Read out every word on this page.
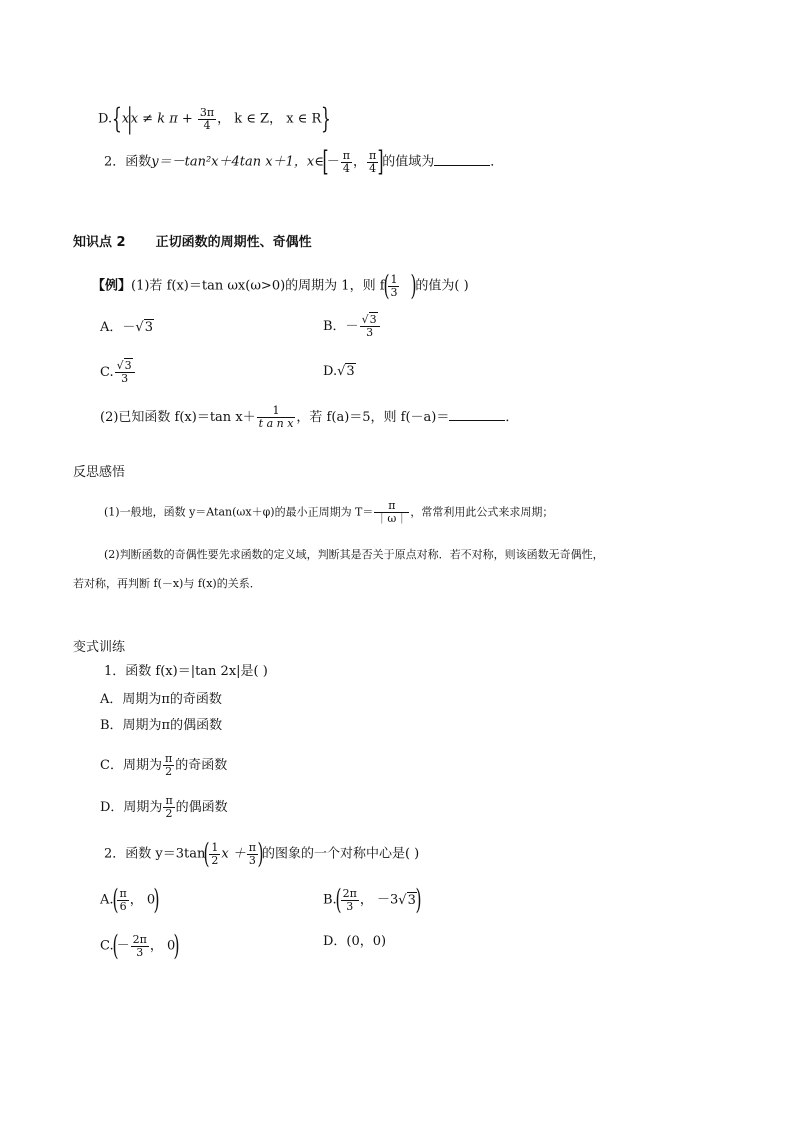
D.{x|x ≠ k $\pi + \frac{3\pi}{4}$ ， k ∈ Z， x ∈ R}
2．函数y＝－tan²x＋4tan x＋1，x∈[－ $\frac{\pi}{4}$ ， $\frac{\pi}{4}$ ]的值域为	．
知识点 2 正切函数的周期性、奇偶性
【例】(1)若 f(x)＝tan ωx(ω>0)的周期为 1，则 $f( \frac{1}{3}$ )的值为( )
A．－√3	B．－ $\frac{√3}{3}$
C. $\frac{√3}{3}$	D.√3
(2)已知函数 f(x)＝tan $x+ \frac{1}{\text{t a n x}}$ ，若 f(a)＝5，则 f(－a)＝	．
反思感悟
(1)一般地，函数 y＝Atan(ωx＋φ)的最小正周期为 $T= \frac{\pi}{|\omega|}$ ，常常利用此公式来求周期；
(2)判断函数的奇偶性要先求函数的定义域，判断其是否关于原点对称．若不对称，则该函数无奇偶性，
若对称，再判断 f(－x)与 f(x)的关系．
变式训练
1．函数 f(x)＝|tan 2x|是( )
A．周期为π的奇函数
B．周期为π的偶函数
C．周期为 $\frac{\pi}{2}$ 的奇函数
D．周期为 $\frac{\pi}{2}$ 的偶函数
2．函数 $y=3\tan( \frac{1}{2}$ $x + \frac{\pi}{3}$ )的图象的一个对称中心是( )
$A.( \frac{\pi}{6}$ ， 0)	$B.( \frac{2\pi}{3}$ ， －3√3)
$C.(- \frac{2\pi}{3}$ ， 0)	D．(0，0)
